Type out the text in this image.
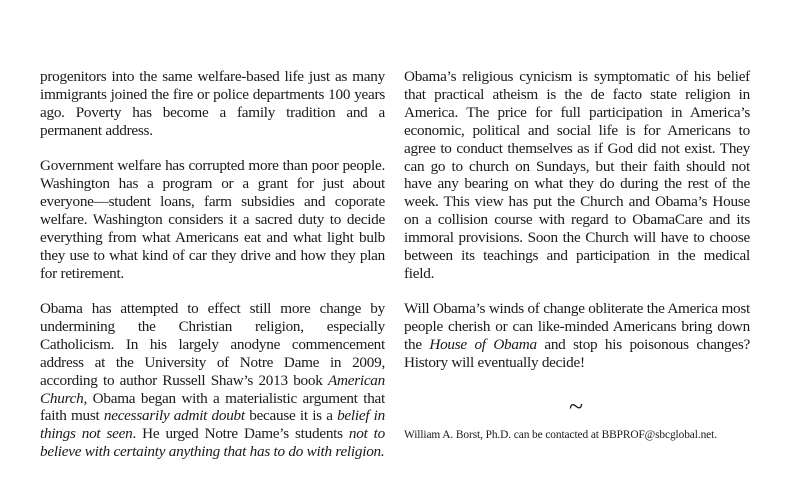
progenitors into the same welfare-based life just as many immigrants joined the fire or police departments 100 years ago. Poverty has become a family tradition and a permanent address.

Government welfare has corrupted more than poor people. Washington has a program or a grant for just about everyone—student loans, farm subsidies and coporate welfare. Washington considers it a sacred duty to decide everything from what Americans eat and what light bulb they use to what kind of car they drive and how they plan for retirement.

Obama has attempted to effect still more change by undermining the Christian religion, especially Catholicism. In his largely anodyne commencement address at the University of Notre Dame in 2009, according to author Russell Shaw’s 2013 book American Church, Obama began with a materialistic argument that faith must necessarily admit doubt because it is a belief in things not seen. He urged Notre Dame’s students not to believe with certainty anything that has to do with religion.

Obama’s religious cynicism is symptomatic of his belief that practical atheism is the de facto state religion in America. The price for full participation in America’s economic, political and social life is for Americans to agree to conduct themselves as if God did not exist. They can go to church on Sundays, but their faith should not have any bearing on what they do during the rest of the week. This view has put the Church and Obama’s House on a collision course with regard to ObamaCare and its immoral provisions. Soon the Church will have to choose between its teachings and participation in the medical field.

Will Obama’s winds of change obliterate the America most people cherish or can like-minded Americans bring down the House of Obama and stop his poisonous changes? History will eventually decide!

~
William A. Borst, Ph.D. can be contacted at BBPROF@sbcglobal.net.
